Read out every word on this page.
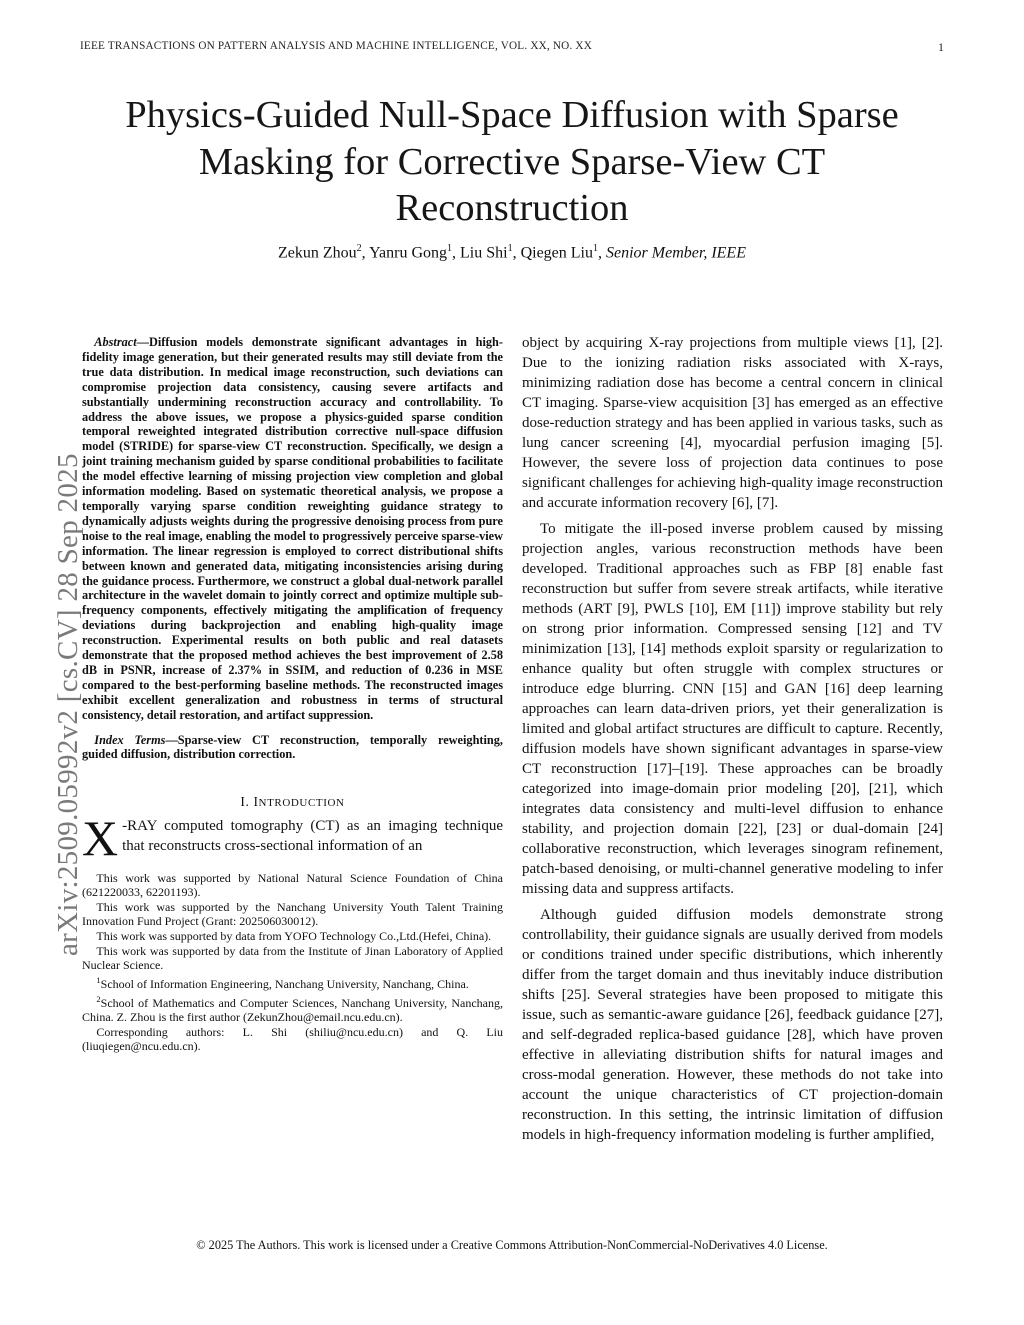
IEEE TRANSACTIONS ON PATTERN ANALYSIS AND MACHINE INTELLIGENCE, VOL. XX, NO. XX	1
Physics-Guided Null-Space Diffusion with Sparse
Masking for Corrective Sparse-View CT
Reconstruction
Zekun Zhou$^2$, Yanru Gong$^1$, Liu Shi$^1$, Qiegen Liu$^1$, Senior Member, IEEE
arXiv:2509.05992v2 [cs.CV] 28 Sep 2025

Abstract—Diffusion models demonstrate significant advantages in high-fidelity image generation, but their generated results may still deviate from the true data distribution. In medical image reconstruction, such deviations can compromise projection data consistency, causing severe artifacts and substantially undermining reconstruction accuracy and controllability. To address the above issues, we propose a physics-guided sparse condition temporal reweighted integrated distribution corrective null-space diffusion model (STRIDE) for sparse-view CT reconstruction. Specifically, we design a joint training mechanism guided by sparse conditional probabilities to facilitate the model effective learning of missing projection view completion and global information modeling. Based on systematic theoretical analysis, we propose a temporally varying sparse condition reweighting guidance strategy to dynamically adjusts weights during the progressive denoising process from pure noise to the real image, enabling the model to progressively perceive sparse-view information. The linear regression is employed to correct distributional shifts between known and generated data, mitigating inconsistencies arising during the guidance process. Furthermore, we construct a global dual-network parallel architecture in the wavelet domain to jointly correct and optimize multiple sub-frequency components, effectively mitigating the amplification of frequency deviations during backprojection and enabling high-quality image reconstruction. Experimental results on both public and real datasets demonstrate that the proposed method achieves the best improvement of 2.58 dB in PSNR, increase of 2.37% in SSIM, and reduction of 0.236 in MSE compared to the best-performing baseline methods. The reconstructed images exhibit excellent generalization and robustness in terms of structural consistency, detail restoration, and artifact suppression.

Index Terms—Sparse-view CT reconstruction, temporally reweighting, guided diffusion, distribution correction.

I. INTRODUCTION

X -RAY computed tomography (CT) as an imaging technique that reconstructs cross-sectional information of an

This work was supported by National Natural Science Foundation of China (621220033, 62201193).

This work was supported by the Nanchang University Youth Talent Training Innovation Fund Project (Grant: 202506030012).

This work was supported by data from YOFO Technology Co.,Ltd.(Hefei, China).

This work was supported by data from the Institute of Jinan Laboratory of Applied Nuclear Science.

$^1$School of Information Engineering, Nanchang University, Nanchang, China.

$^2$School of Mathematics and Computer Sciences, Nanchang University, Nanchang, China. Z. Zhou is the first author (ZekunZhou@email.ncu.edu.cn).

Corresponding authors: L. Shi (shiliu@ncu.edu.cn) and Q. Liu (liuqiegen@ncu.edu.cn).

object by acquiring X-ray projections from multiple views [1], [2]. Due to the ionizing radiation risks associated with X-rays, minimizing radiation dose has become a central concern in clinical CT imaging. Sparse-view acquisition [3] has emerged as an effective dose-reduction strategy and has been applied in various tasks, such as lung cancer screening [4], myocardial perfusion imaging [5]. However, the severe loss of projection data continues to pose significant challenges for achieving high-quality image reconstruction and accurate information recovery [6], [7].

To mitigate the ill-posed inverse problem caused by missing projection angles, various reconstruction methods have been developed. Traditional approaches such as FBP [8] enable fast reconstruction but suffer from severe streak artifacts, while iterative methods (ART [9], PWLS [10], EM [11]) improve stability but rely on strong prior information. Compressed sensing [12] and TV minimization [13], [14] methods exploit sparsity or regularization to enhance quality but often struggle with complex structures or introduce edge blurring. CNN [15] and GAN [16] deep learning approaches can learn data-driven priors, yet their generalization is limited and global artifact structures are difficult to capture. Recently, diffusion models have shown significant advantages in sparse-view CT reconstruction [17]–[19]. These approaches can be broadly categorized into image-domain prior modeling [20], [21], which integrates data consistency and multi-level diffusion to enhance stability, and projection domain [22], [23] or dual-domain [24] collaborative reconstruction, which leverages sinogram refinement, patch-based denoising, or multi-channel generative modeling to infer missing data and suppress artifacts.

Although guided diffusion models demonstrate strong controllability, their guidance signals are usually derived from models or conditions trained under specific distributions, which inherently differ from the target domain and thus inevitably induce distribution shifts [25]. Several strategies have been proposed to mitigate this issue, such as semantic-aware guidance [26], feedback guidance [27], and self-degraded replica-based guidance [28], which have proven effective in alleviating distribution shifts for natural images and cross-modal generation. However, these methods do not take into account the unique characteristics of CT projection-domain reconstruction. In this setting, the intrinsic limitation of diffusion models in high-frequency information modeling is further amplified,

© 2025 The Authors. This work is licensed under a Creative Commons Attribution-NonCommercial-NoDerivatives 4.0 License.
